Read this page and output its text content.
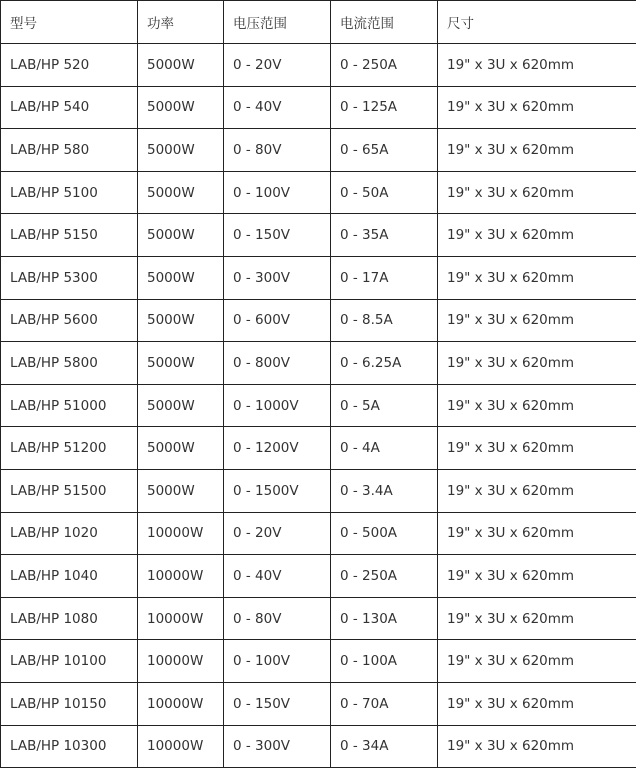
型号	功率	电压范围	电流范围	尺寸
LAB/HP 520	5000W	0 - 20V	0 - 250A	19" x 3U x 620mm
LAB/HP 540	5000W	0 - 40V	0 - 125A	19" x 3U x 620mm
LAB/HP 580	5000W	0 - 80V	0 - 65A	19" x 3U x 620mm
LAB/HP 5100	5000W	0 - 100V	0 - 50A	19" x 3U x 620mm
LAB/HP 5150	5000W	0 - 150V	0 - 35A	19" x 3U x 620mm
LAB/HP 5300	5000W	0 - 300V	0 - 17A	19" x 3U x 620mm
LAB/HP 5600	5000W	0 - 600V	0 - 8.5A	19" x 3U x 620mm
LAB/HP 5800	5000W	0 - 800V	0 - 6.25A	19" x 3U x 620mm
LAB/HP 51000	5000W	0 - 1000V	0 - 5A	19" x 3U x 620mm
LAB/HP 51200	5000W	0 - 1200V	0 - 4A	19" x 3U x 620mm
LAB/HP 51500	5000W	0 - 1500V	0 - 3.4A	19" x 3U x 620mm
LAB/HP 1020	10000W	0 - 20V	0 - 500A	19" x 3U x 620mm
LAB/HP 1040	10000W	0 - 40V	0 - 250A	19" x 3U x 620mm
LAB/HP 1080	10000W	0 - 80V	0 - 130A	19" x 3U x 620mm
LAB/HP 10100	10000W	0 - 100V	0 - 100A	19" x 3U x 620mm
LAB/HP 10150	10000W	0 - 150V	0 - 70A	19" x 3U x 620mm
LAB/HP 10300	10000W	0 - 300V	0 - 34A	19" x 3U x 620mm
